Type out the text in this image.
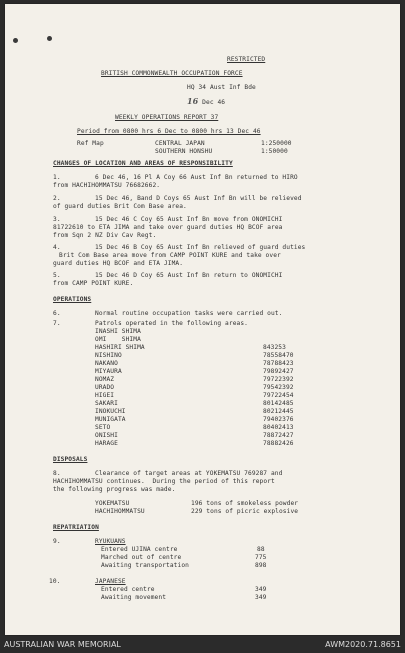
RESTRICTED
BRITISH COMMONWEALTH OCCUPATION FORCE
HQ 34 Aust Inf Bde
16 Dec 46
WEEKLY OPERATIONS REPORT 37
Period from 0800 hrs 6 Dec to 0800 hrs 13 Dec 46
Ref Map	CENTRAL JAPAN	1:250000
SOUTHERN HONSHU	1:50000
CHANGES OF LOCATION AND AREAS OF RESPONSIBILITY
1.	6 Dec 46, 16 Pl A Coy 66 Aust Inf Bn returned to HIRO
from HACHIHOMMATSU 76682662.
2.	15 Dec 46, Band D Coys 65 Aust Inf Bn will be relieved
of guard duties Brit Com Base area.
3.	15 Dec 46 C Coy 65 Aust Inf Bn move from ONOMICHI
81722610 to ETA JIMA and take over guard duties HQ BCOF area
from Sqn 2 NZ Div Cav Regt.
4.	15 Dec 46 B Coy 65 Aust Inf Bn relieved of guard duties
Brit Com Base area move from CAMP POINT KURE and take over
guard duties HQ BCOF and ETA JIMA.
5.	15 Dec 46 D Coy 65 Aust Inf Bn return to ONOMICHI
from CAMP POINT KURE.
OPERATIONS
6.	Normal routine occupation tasks were carried out.
7.	Patrols operated in the following areas.
INASHI SHIMA
OMI    SHIMA
HASHIRI SHIMA	843253
NISHINO	78558470
NAKANO	78788423
MIYAURA	79892427
NOMAZ	79722392
URADO	79542392
HIGEI	79722454
SAKARI	80142485
INOKUCHI	80212445
MUNIGATA	79402376
SETO	80402413
ONISHI	78872427
HARAGE	78882426
DISPOSALS
8.	Clearance of target areas at YOKEMATSU 769287 and
HACHIHOMMATSU continues.  During the period of this report
the following progress was made.
YOKEMATSU	196 tons of smokeless powder
HACHIHOMMATSU	229 tons of picric explosive
REPATRIATION
9.	RYUKUANS
Entered UJINA centre	88
Marched out of centre	775
Awaiting transportation	898
10.	JAPANESE
Entered centre	349
Awaiting movement	349
AUSTRALIAN WAR MEMORIAL	AWM2020.71.8651
